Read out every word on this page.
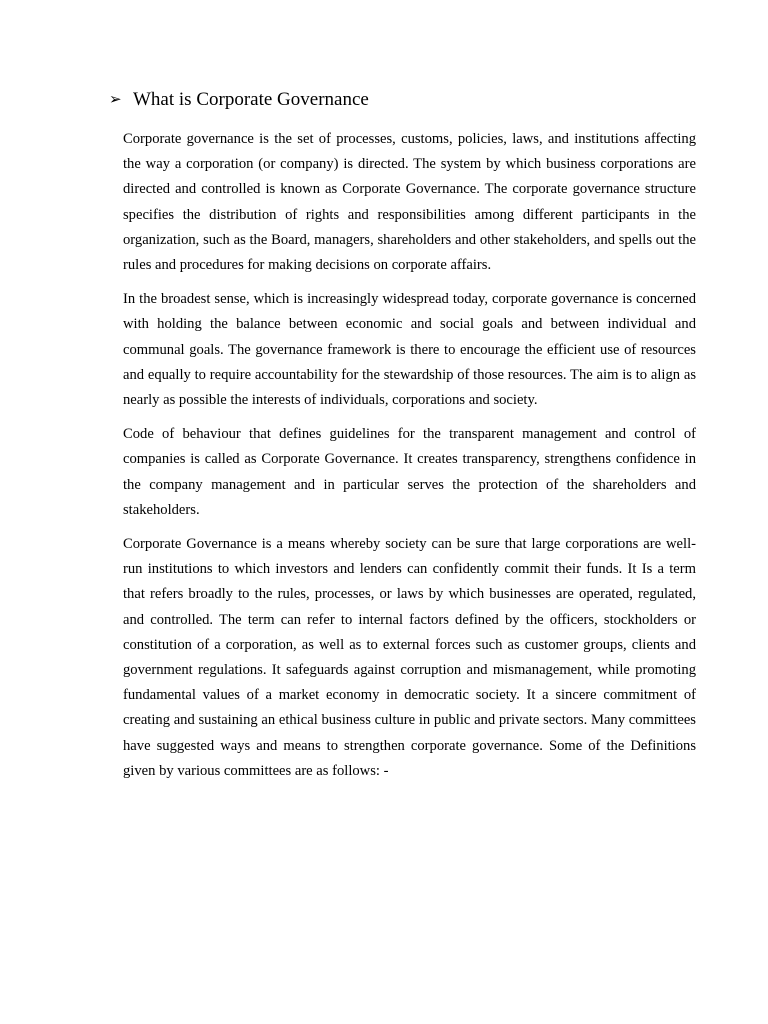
➢ What is Corporate Governance

Corporate governance is the set of processes, customs, policies, laws, and institutions affecting the way a corporation (or company) is directed. The system by which business corporations are directed and controlled is known as Corporate Governance. The corporate governance structure specifies the distribution of rights and responsibilities among different participants in the organization, such as the Board, managers, shareholders and other stakeholders, and spells out the rules and procedures for making decisions on corporate affairs.

In the broadest sense, which is increasingly widespread today, corporate governance is concerned with holding the balance between economic and social goals and between individual and communal goals. The governance framework is there to encourage the efficient use of resources and equally to require accountability for the stewardship of those resources. The aim is to align as nearly as possible the interests of individuals, corporations and society.

Code of behaviour that defines guidelines for the transparent management and control of companies is called as Corporate Governance. It creates transparency, strengthens confidence in the company management and in particular serves the protection of the shareholders and stakeholders.

Corporate Governance is a means whereby society can be sure that large corporations are well-run institutions to which investors and lenders can confidently commit their funds. It Is a term that refers broadly to the rules, processes, or laws by which businesses are operated, regulated, and controlled. The term can refer to internal factors defined by the officers, stockholders or constitution of a corporation, as well as to external forces such as customer groups, clients and government regulations. It safeguards against corruption and mismanagement, while promoting fundamental values of a market economy in democratic society. It a sincere commitment of creating and sustaining an ethical business culture in public and private sectors. Many committees have suggested ways and means to strengthen corporate governance. Some of the Definitions given by various committees are as follows: -
